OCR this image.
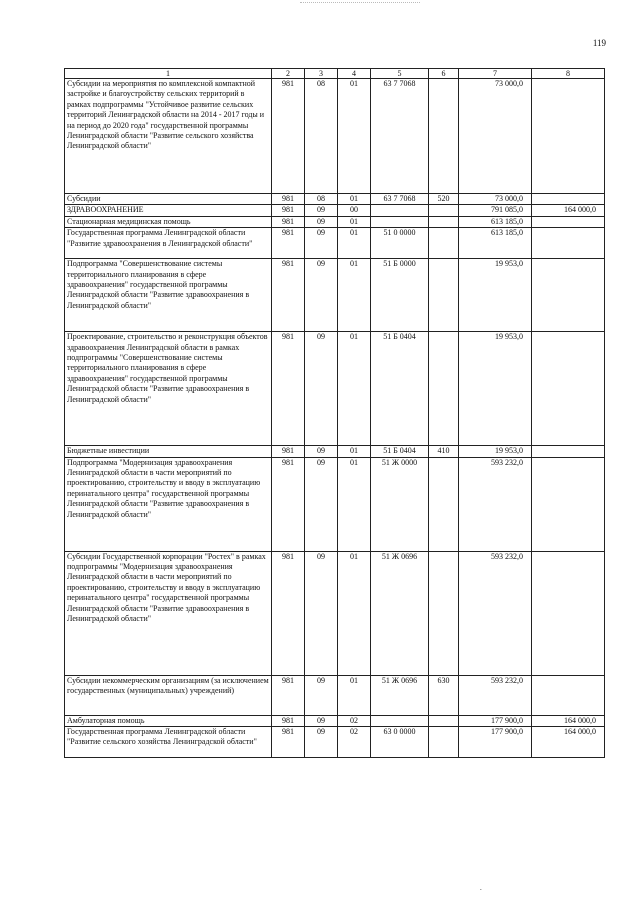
119
1	2	3	4	5	6	7	8
Субсидии на мероприятия по комплексной компактной застройке и благоустройству сельских территорий в рамках подпрограммы "Устойчивое развитие сельских территорий Ленинградской области на 2014 - 2017 годы и на период до 2020 года" государственной программы Ленинградской области "Развитие сельского хозяйства Ленинградской области"	981	08	01	63 7 7068		73 000,0	
Субсидии	981	08	01	63 7 7068	520	73 000,0	
ЗДРАВООХРАНЕНИЕ	981	09	00			791 085,0	164 000,0
Стационарная медицинская помощь	981	09	01			613 185,0	
Государственная программа Ленинградской области "Развитие здравоохранения в Ленинградской области"	981	09	01	51 0 0000		613 185,0	
Подпрограмма "Совершенствование системы территориального планирования в сфере здравоохранения" государственной программы Ленинградской области "Развитие здравоохранения в Ленинградской области"	981	09	01	51 Б 0000		19 953,0	
Проектирование, строительство и реконструкция объектов здравоохранения Ленинградской области в рамках подпрограммы "Совершенствование системы территориального планирования в сфере здравоохранения" государственной программы Ленинградской области "Развитие здравоохранения в Ленинградской области"	981	09	01	51 Б 0404		19 953,0	
Бюджетные инвестиции	981	09	01	51 Б 0404	410	19 953,0	
Подпрограмма "Модернизация здравоохранения Ленинградской области в части мероприятий по проектированию, строительству и вводу в эксплуатацию перинатального центра" государственной программы Ленинградской области "Развитие здравоохранения в Ленинградской области"	981	09	01	51 Ж 0000		593 232,0	
Субсидии Государственной корпорации "Ростех" в рамках подпрограммы "Модернизация здравоохранения Ленинградской области в части мероприятий по проектированию, строительству и вводу в эксплуатацию перинатального центра" государственной программы Ленинградской области "Развитие здравоохранения в Ленинградской области"	981	09	01	51 Ж 0696		593 232,0	
Субсидии некоммерческим организациям (за исключением государственных (муниципальных) учреждений)	981	09	01	51 Ж 0696	630	593 232,0	
Амбулаторная помощь	981	09	02			177 900,0	164 000,0
Государственная программа Ленинградской области "Развитие сельского хозяйства Ленинградской области"	981	09	02	63 0 0000		177 900,0	164 000,0
.
